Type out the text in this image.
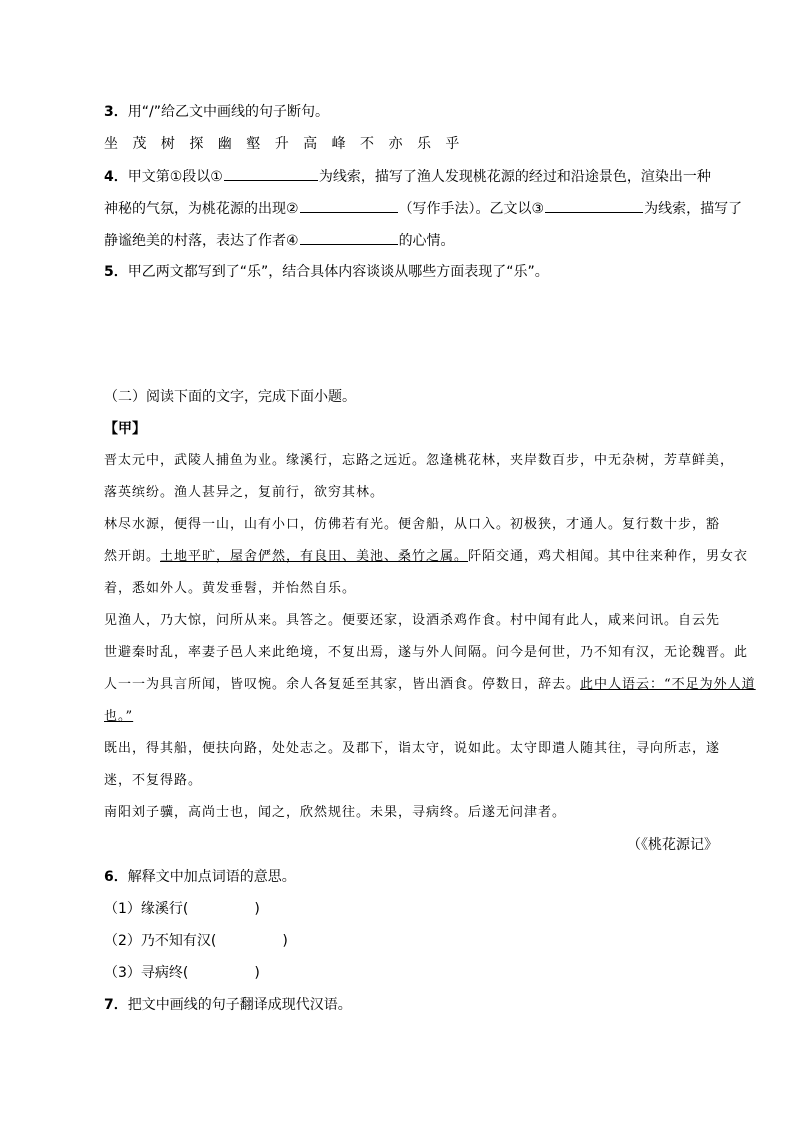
3．用“/”给乙文中画线的句子断句。
坐 茂 树 探 幽 壑 升 高 峰 不 亦 乐 乎
4．甲文第①段以①	为线索，描写了渔人发现桃花源的经过和沿途景色，渲染出一种
神秘的气氛，为桃花源的出现②	（写作手法）。乙文以③	为线索，描写了
静谧绝美的村落，表达了作者④	的心情。
5．甲乙两文都写到了“乐”，结合具体内容谈谈从哪些方面表现了“乐”。
（二）阅读下面的文字，完成下面小题。
【甲】
晋太元中，武陵人捕鱼为业。缘溪行，忘路之远近。忽逢桃花林，夹岸数百步，中无杂树，芳草鲜美，
落英缤纷。渔人甚异之，复前行，欲穷其林。
林尽水源，便得一山，山有小口，仿佛若有光。便舍船，从口入。初极狭，才通人。复行数十步，豁
然开朗。土地平旷，屋舍俨然，有良田、美池、桑竹之属。阡陌交通，鸡犬相闻。其中往来种作，男女衣
着，悉如外人。黄发垂髫，并怡然自乐。
见渔人，乃大惊，问所从来。具答之。便要还家，设酒杀鸡作食。村中闻有此人，咸来问讯。自云先
世避秦时乱，率妻子邑人来此绝境，不复出焉，遂与外人间隔。问今是何世，乃不知有汉，无论魏晋。此
人一一为具言所闻，皆叹惋。余人各复延至其家，皆出酒食。停数日，辞去。此中人语云：“不足为外人道
也。”
既出，得其船，便扶向路，处处志之。及郡下，诣太守，说如此。太守即遣人随其往，寻向所志，遂
迷，不复得路。
南阳刘子骥，高尚士也，闻之，欣然规往。未果，寻病终。后遂无问津者。
（《桃花源记》
6．解释文中加点词语的意思。
（1）缘溪行(	)
（2）乃不知有汉(	)
（3）寻病终(	)
7．把文中画线的句子翻译成现代汉语。
